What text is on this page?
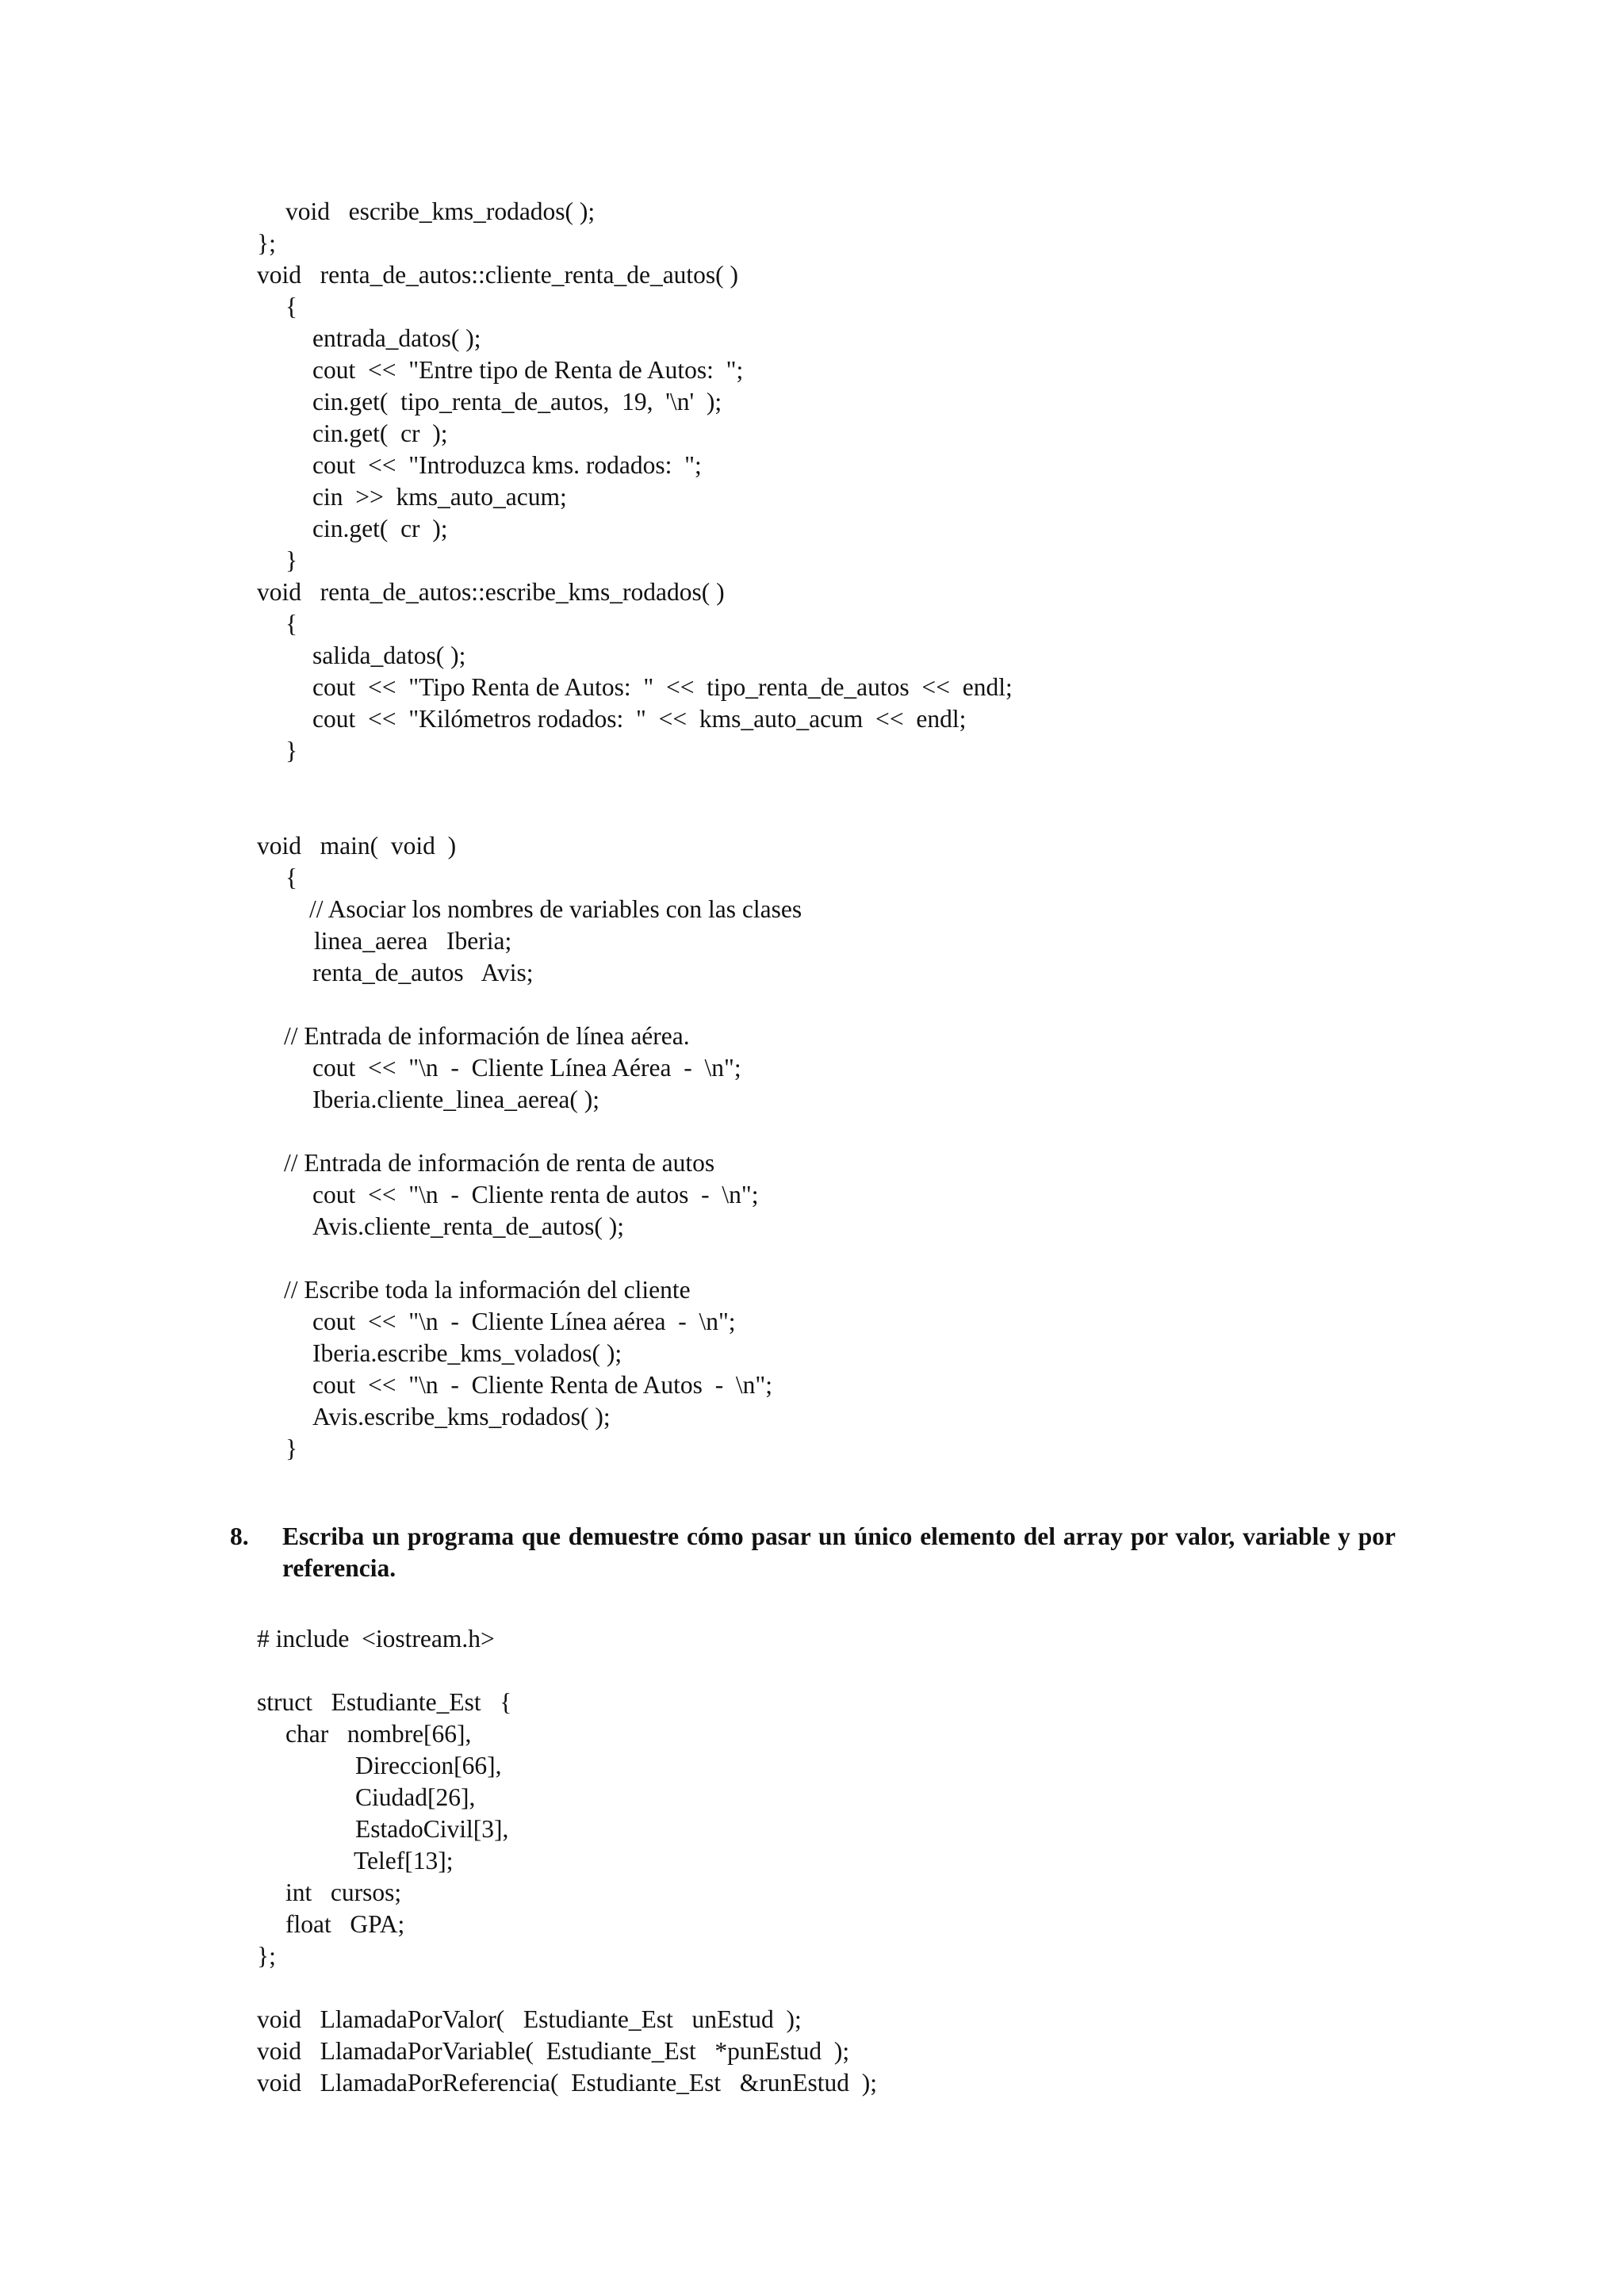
void   escribe_kms_rodados( );
};
void   renta_de_autos::cliente_renta_de_autos( )
{
entrada_datos( );
cout  <<  "Entre tipo de Renta de Autos:  ";
cin.get(  tipo_renta_de_autos,  19,  '\n'  );
cin.get(  cr  );
cout  <<  "Introduzca kms. rodados:  ";
cin  >>  kms_auto_acum;
cin.get(  cr  );
}
void   renta_de_autos::escribe_kms_rodados( )
{
salida_datos( );
cout  <<  "Tipo Renta de Autos:  "  <<  tipo_renta_de_autos  <<  endl;
cout  <<  "Kilómetros rodados:  "  <<  kms_auto_acum  <<  endl;
}
void   main(  void  )
{
// Asociar los nombres de variables con las clases
linea_aerea   Iberia;
renta_de_autos   Avis;
// Entrada de información de línea aérea.
cout  <<  "\n  -  Cliente Línea Aérea  -  \n";
Iberia.cliente_linea_aerea( );
// Entrada de información de renta de autos
cout  <<  "\n  -  Cliente renta de autos  -  \n";
Avis.cliente_renta_de_autos( );
// Escribe toda la información del cliente
cout  <<  "\n  -  Cliente Línea aérea  -  \n";
Iberia.escribe_kms_volados( );
cout  <<  "\n  -  Cliente Renta de Autos  -  \n";
Avis.escribe_kms_rodados( );
}
8. Escriba un programa que demuestre cómo pasar un único elemento del array por valor, variable y por referencia.
# include  <iostream.h>
struct   Estudiante_Est   {
char   nombre[66],
Direccion[66],
Ciudad[26],
EstadoCivil[3],
Telef[13];
int   cursos;
float   GPA;
};
void   LlamadaPorValor(   Estudiante_Est   unEstud  );
void   LlamadaPorVariable(  Estudiante_Est   *punEstud  );
void   LlamadaPorReferencia(  Estudiante_Est   &runEstud  );
